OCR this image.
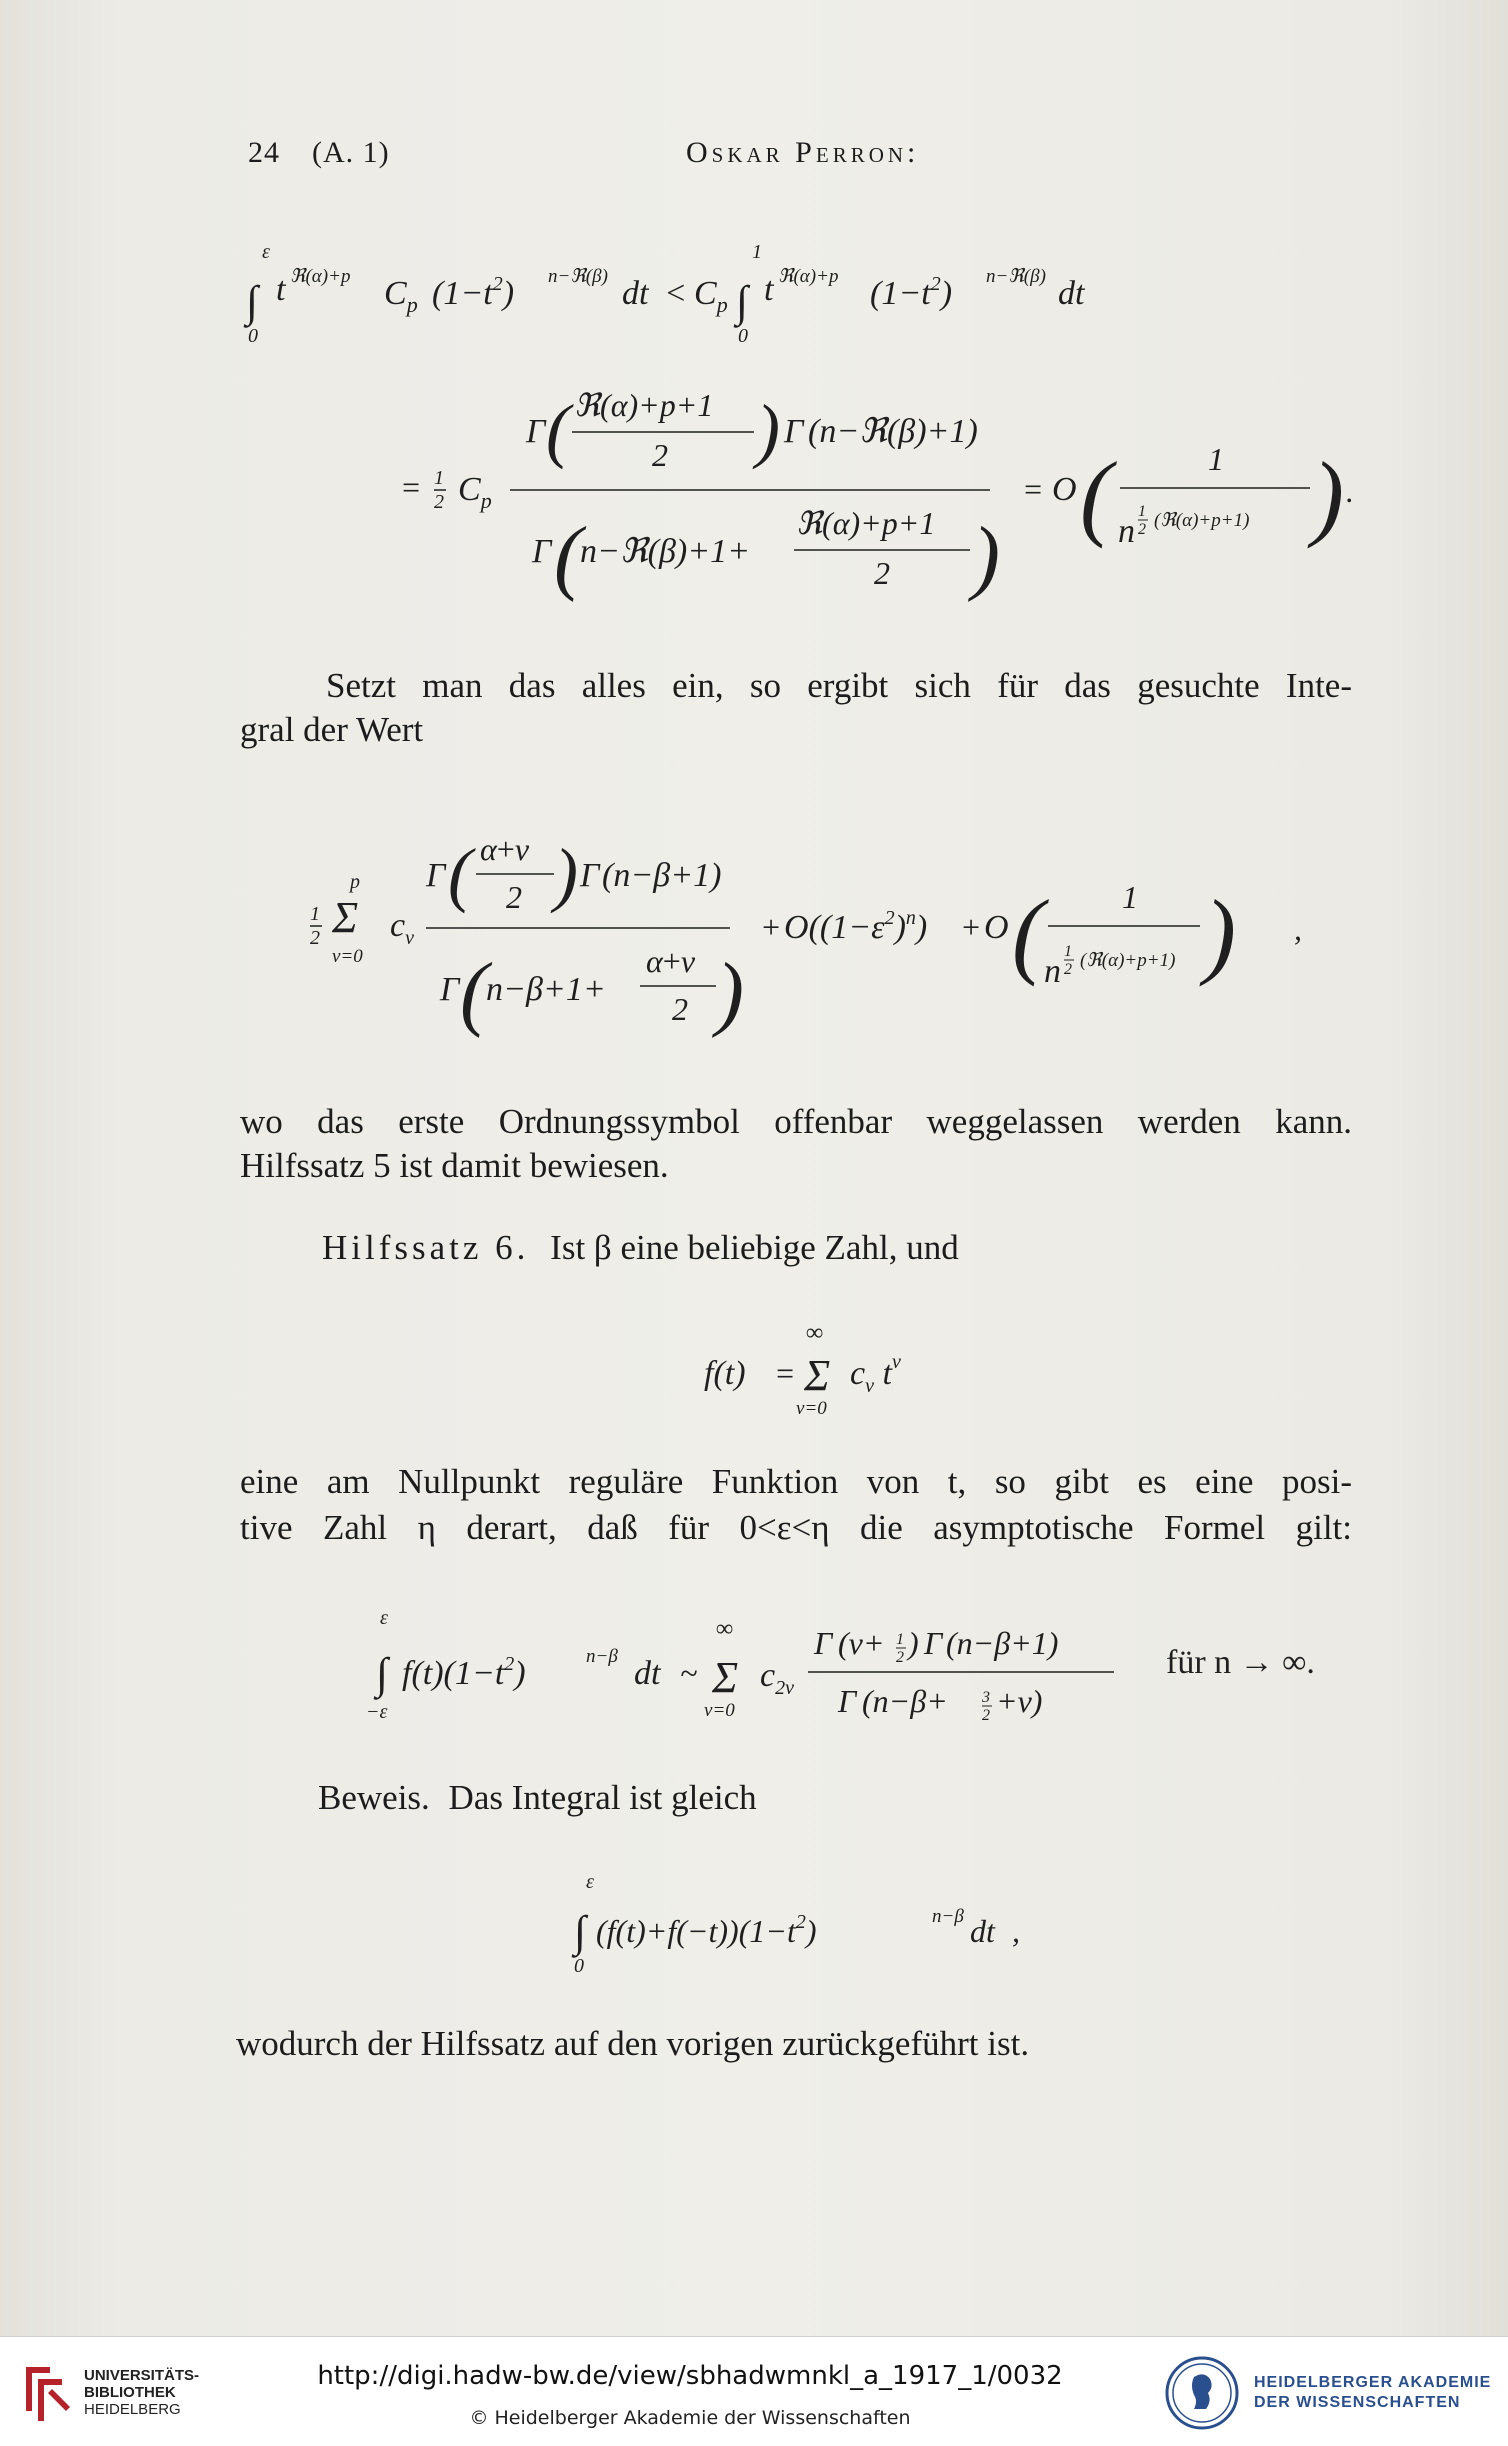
24 (A. 1)	Oskar Perron:
ε
∫
0
t ℜ(α)+p $C_p$ $(1-t^2)$ n−ℜ(β) dt < $C_p$
1
∫
0
t ℜ(α)+p $(1-t^2)$ n−ℜ(β) dt
= 1
2 $C_p$
Γ ( ℜ(α)+p+1
2 ) Γ (n−ℜ(β)+1)
Γ (
n−ℜ(β)+1+
ℜ(α)+p+1
2 )
= O (	1
n
1
2 (ℜ(α)+p+1) ) .
Setzt man das alles ein, so ergibt sich für das gesuchte Inte-
gral der Wert
1
2
p
Σ
ν=0
$c_\nu$
Γ ( α+ν
2 ) Γ (n−β+1)
Γ (
n−β+1+
α+ν
2 )
+ $O((1-\varepsilon^2)^n) + O$ ( 1
n
1
2 (ℜ(α)+p+1) ) ,
wo das erste Ordnungssymbol offenbar weggelassen werden kann.
Hilfssatz 5 ist damit bewiesen.
Hilfssatz 6. Ist β eine beliebige Zahl, und
f(t) =
∞
Σ
ν=0
$c_\nu$ $t^\nu$
eine am Nullpunkt reguläre Funktion von t, so gibt es eine posi-
tive Zahl η derart, daß für 0<ε<η die asymptotische Formel gilt:
ε
∫
−ε
$f(t)(1-t^2)$	n−β dt ~
∞
Σ
ν=0
$c_{2\nu}$
Γ (ν+ 1
2 ) Γ (n−β+1)
Γ (n−β+ 3
2 +ν)
für n → ∞.
Beweis. Das Integral ist gleich
ε
∫
0
$(f(t)+f(-t))(1-t^2)$	n−β dt ,
wodurch der Hilfssatz auf den vorigen zurückgeführt ist.
UNIVERSITÄTS-
BIBLIOTHEK
HEIDELBERG
http://digi.hadw-bw.de/view/sbhadwmnkl_a_1917_1/0032
© Heidelberger Akademie der Wissenschaften
HEIDELBERGER AKADEMIE
DER WISSENSCHAFTEN
